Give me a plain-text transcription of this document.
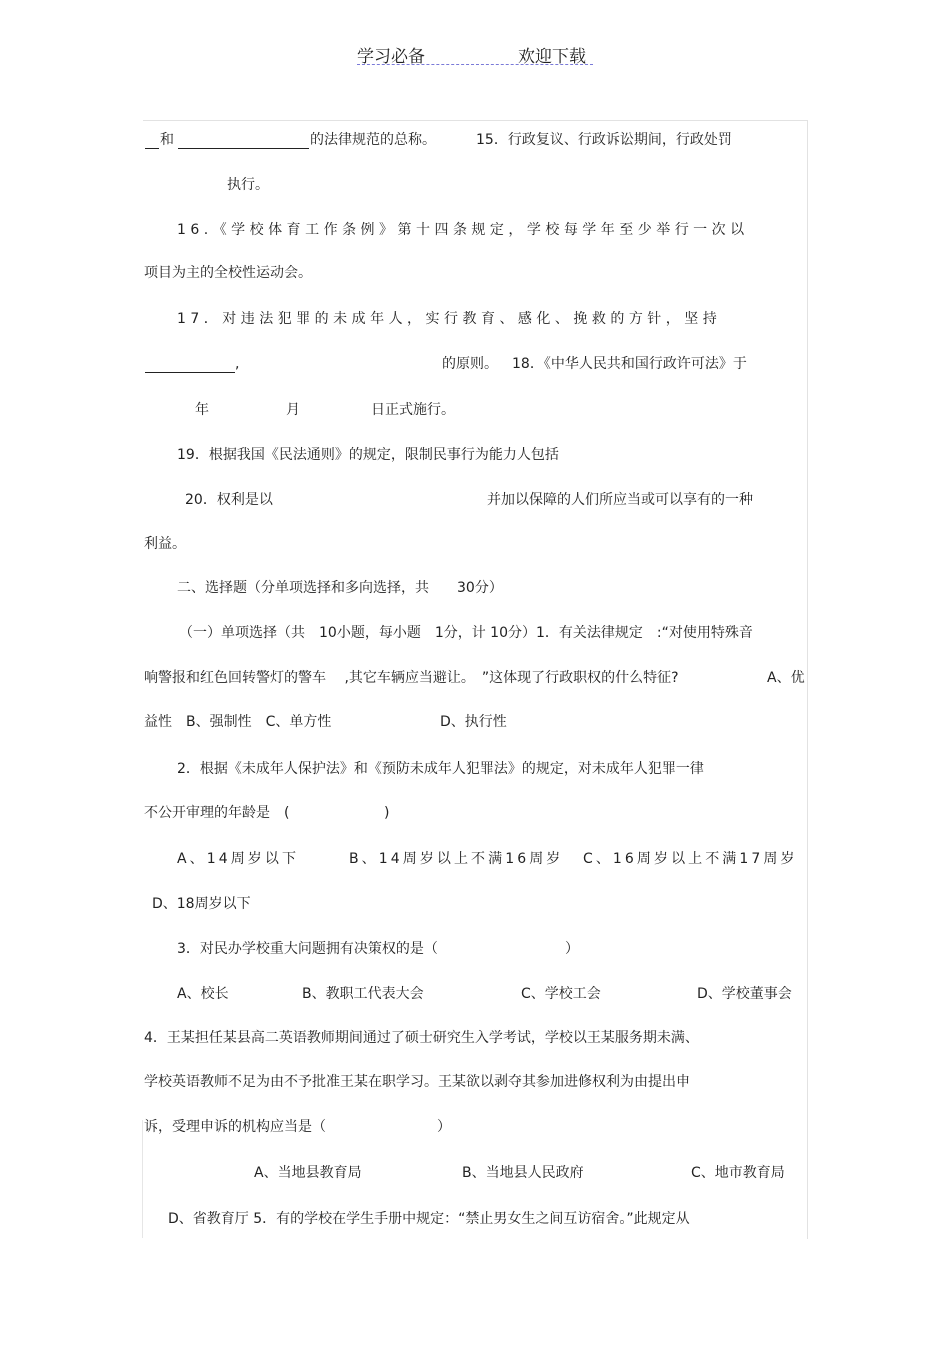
学习必备	欢迎下载
和	的法律规范的总称。	15．行政复议、行政诉讼期间，行政处罚
执行。
16.《学校体育工作条例》第十四条规定，学校每学年至少举行一次以
项目为主的全校性运动会。
17．对违法犯罪的未成年人，实行教育、感化、挽救的方针，坚持
,	的原则。 18．《中华人民共和国行政许可法》于
年	月	日正式施行。
19．根据我国《民法通则》的规定，限制民事行为能力人包括
20．权利是以	并加以保障的人们所应当或可以享有的一种
利益。
二、选择题（分单项选择和多向选择，共　　30分）
（一）单项选择（共　10小题，每小题　1分，计 10分）1．有关法律规定　:“对使用特殊音
响警报和红色回转警灯的警车　 ,其它车辆应当避让。　”这体现了行政职权的什么特征?	A、优
益性　B、强制性　C、单方性	D、执行性
2．根据《未成年人保护法》和《预防未成年人犯罪法》的规定，对未成年人犯罪一律
不公开审理的年龄是　(	)
A、14周岁以下	B、14周岁以上不满16周岁 C、16周岁以上不满17周岁
D、18周岁以下
3．对民办学校重大问题拥有决策权的是（	）
A、校长	B、教职工代表大会	C、学校工会	D、学校董事会
4．王某担任某县高二英语教师期间通过了硕士研究生入学考试，学校以王某服务期未满、
学校英语教师不足为由不予批准王某在职学习。王某欲以剥夺其参加进修权利为由提出申
诉，受理申诉的机构应当是（	）
A、当地县教育局	B、当地县人民政府	C、地市教育局
D、省教育厅 5．有的学校在学生手册中规定：“禁止男女生之间互访宿舍。”此规定从
